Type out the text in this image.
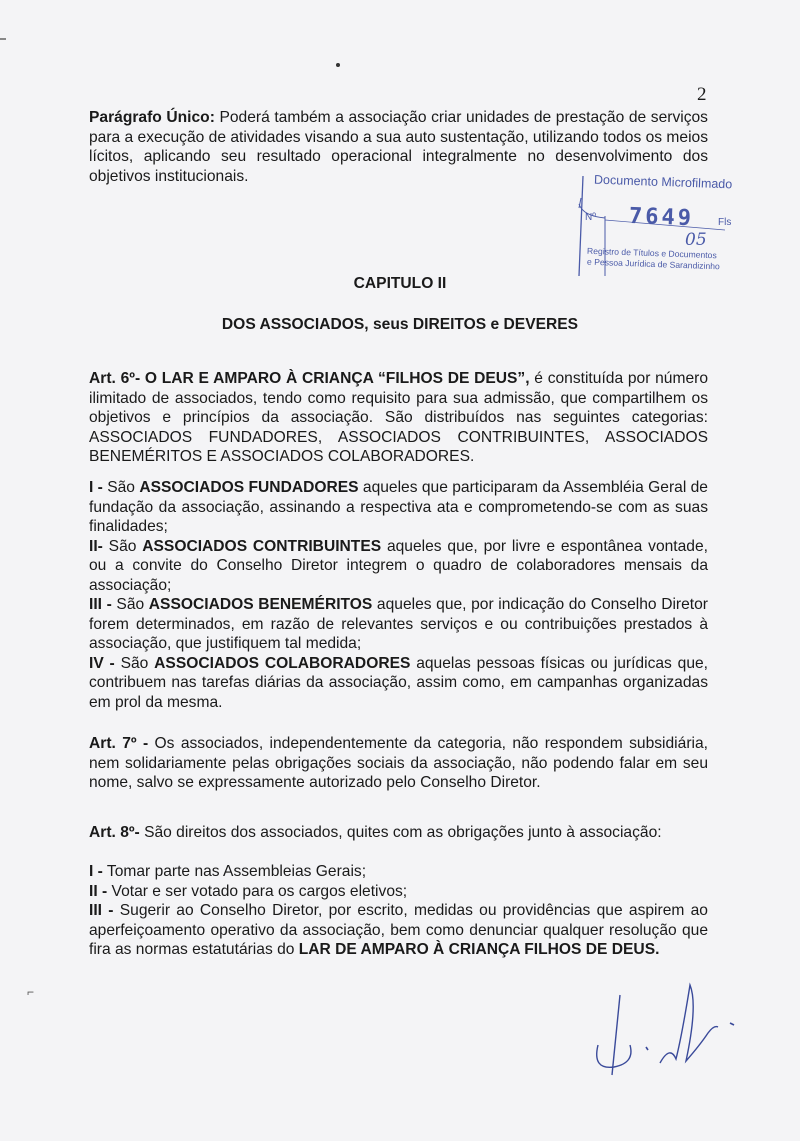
2
Parágrafo Único: Poderá também a associação criar unidades de prestação de serviços para a execução de atividades visando a sua auto sustentação, utilizando todos os meios lícitos, aplicando seu resultado operacional integralmente no desenvolvimento dos objetivos institucionais.	Documento Microfilmado
Nº 7649 Fls
05
Registro de Títulos e Documentos
e Pessoa Jurídica de Sarandizinho
CAPITULO II
DOS ASSOCIADOS, seus DIREITOS e DEVERES
Art. 6º- O LAR E AMPARO À CRIANÇA “FILHOS DE DEUS”, é constituída por número ilimitado de associados, tendo como requisito para sua admissão, que compartilhem os objetivos e princípios da associação. São distribuídos nas seguintes categorias: ASSOCIADOS FUNDADORES, ASSOCIADOS CONTRIBUINTES, ASSOCIADOS BENEMÉRITOS E ASSOCIADOS COLABORADORES.
I - São ASSOCIADOS FUNDADORES aqueles que participaram da Assembléia Geral de fundação da associação, assinando a respectiva ata e comprometendo-se com as suas finalidades;
II- São ASSOCIADOS CONTRIBUINTES aqueles que, por livre e espontânea vontade, ou a convite do Conselho Diretor integrem o quadro de colaboradores mensais da associação;
III - São ASSOCIADOS BENEMÉRITOS aqueles que, por indicação do Conselho Diretor forem determinados, em razão de relevantes serviços e ou contribuições prestados à associação, que justifiquem tal medida;
IV - São ASSOCIADOS COLABORADORES aquelas pessoas físicas ou jurídicas que, contribuem nas tarefas diárias da associação, assim como, em campanhas organizadas em prol da mesma.
Art. 7º - Os associados, independentemente da categoria, não respondem subsidiária, nem solidariamente pelas obrigações sociais da associação, não podendo falar em seu nome, salvo se expressamente autorizado pelo Conselho Diretor.
Art. 8º- São direitos dos associados, quites com as obrigações junto à associação:
I - Tomar parte nas Assembleias Gerais;
II - Votar e ser votado para os cargos eletivos;
III - Sugerir ao Conselho Diretor, por escrito, medidas ou providências que aspirem ao aperfeiçoamento operativo da associação, bem como denunciar qualquer resolução que fira as normas estatutárias do LAR DE AMPARO À CRIANÇA FILHOS DE DEUS.
⌐
